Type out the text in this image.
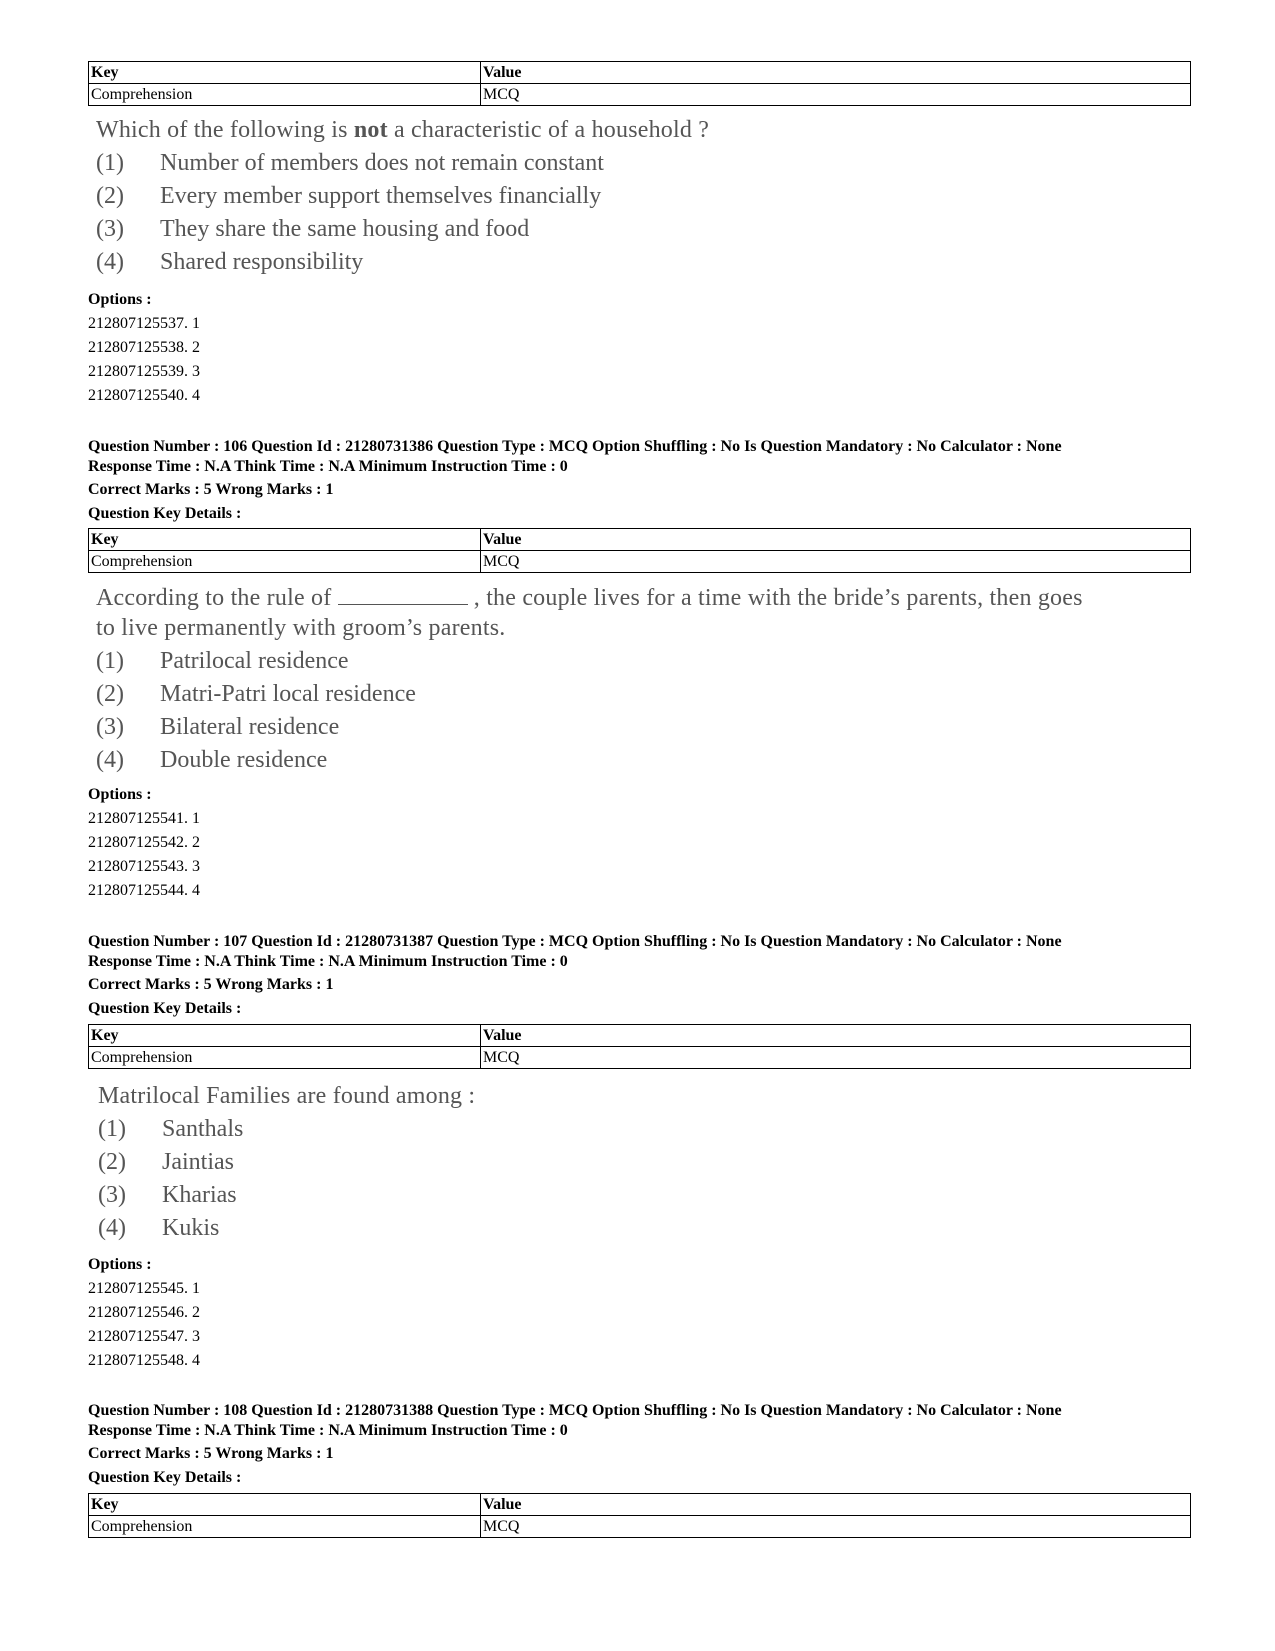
Key	Value
Comprehension	MCQ
Which of the following is not a characteristic of a household ?
(1) Number of members does not remain constant
(2) Every member support themselves financially
(3) They share the same housing and food
(4) Shared responsibility
Options :
212807125537. 1
212807125538. 2
212807125539. 3
212807125540. 4
Question Number : 106 Question Id : 21280731386 Question Type : MCQ Option Shuffling : No Is Question Mandatory : No Calculator : None
Response Time : N.A Think Time : N.A Minimum Instruction Time : 0
Correct Marks : 5 Wrong Marks : 1
Question Key Details :
Key	Value
Comprehension	MCQ
According to the rule of	, the couple lives for a time with the bride’s parents, then goes
to live permanently with groom’s parents.
(1) Patrilocal residence
(2) Matri-Patri local residence
(3) Bilateral residence
(4) Double residence
Options :
212807125541. 1
212807125542. 2
212807125543. 3
212807125544. 4
Question Number : 107 Question Id : 21280731387 Question Type : MCQ Option Shuffling : No Is Question Mandatory : No Calculator : None
Response Time : N.A Think Time : N.A Minimum Instruction Time : 0
Correct Marks : 5 Wrong Marks : 1
Question Key Details :
Key	Value
Comprehension	MCQ
Matrilocal Families are found among :
(1) Santhals
(2) Jaintias
(3) Kharias
(4) Kukis
Options :
212807125545. 1
212807125546. 2
212807125547. 3
212807125548. 4
Question Number : 108 Question Id : 21280731388 Question Type : MCQ Option Shuffling : No Is Question Mandatory : No Calculator : None
Response Time : N.A Think Time : N.A Minimum Instruction Time : 0
Correct Marks : 5 Wrong Marks : 1
Question Key Details :
Key	Value
Comprehension	MCQ
